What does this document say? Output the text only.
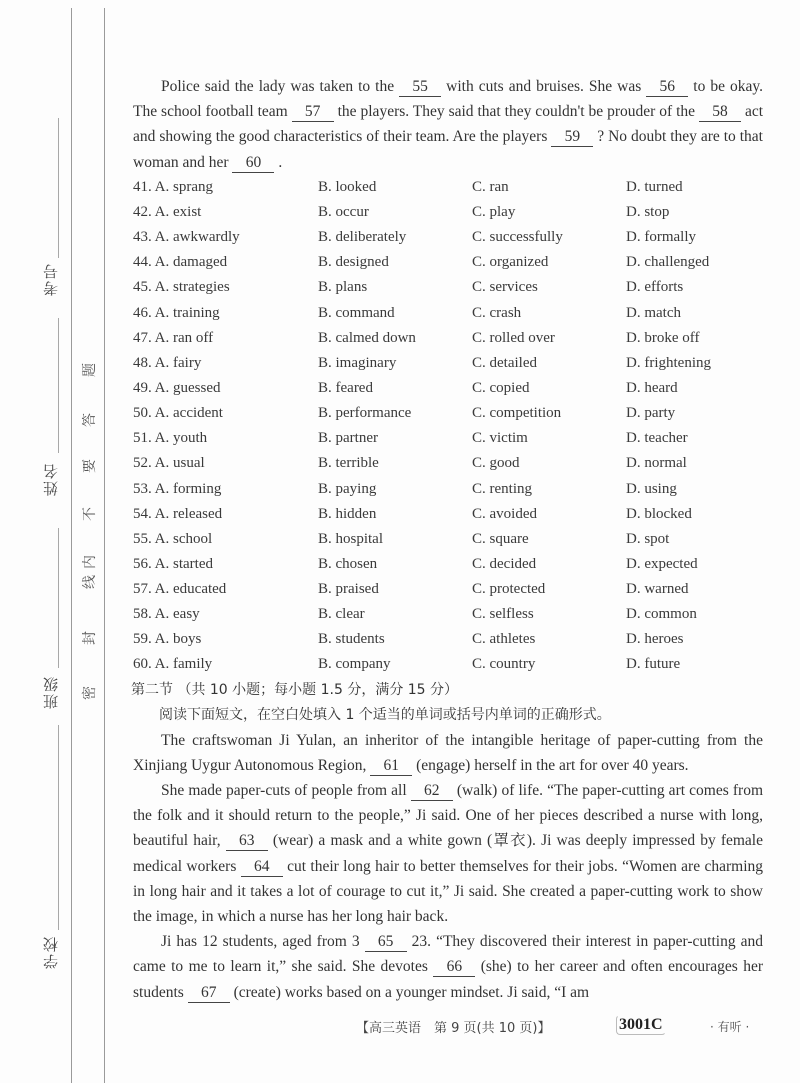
考号
姓名
班级
学校
密
封
线
内
不
要
答
题

Police said the lady was taken to the 55 with cuts and bruises. She was 56 to be okay. The school football team 57 the players. They said that they couldn't be prouder of the 58 act and showing the good characteristics of their team. Are the players 59 ? No doubt they are to that woman and her 60 .

41. A. sprang	B. looked	C. ran	D. turned
42. A. exist	B. occur	C. play	D. stop
43. A. awkwardly	B. deliberately	C. successfully	D. formally
44. A. damaged	B. designed	C. organized	D. challenged
45. A. strategies	B. plans	C. services	D. efforts
46. A. training	B. command	C. crash	D. match
47. A. ran off	B. calmed down	C. rolled over	D. broke off
48. A. fairy	B. imaginary	C. detailed	D. frightening
49. A. guessed	B. feared	C. copied	D. heard
50. A. accident	B. performance	C. competition	D. party
51. A. youth	B. partner	C. victim	D. teacher
52. A. usual	B. terrible	C. good	D. normal
53. A. forming	B. paying	C. renting	D. using
54. A. released	B. hidden	C. avoided	D. blocked
55. A. school	B. hospital	C. square	D. spot
56. A. started	B. chosen	C. decided	D. expected
57. A. educated	B. praised	C. protected	D. warned
58. A. easy	B. clear	C. selfless	D. common
59. A. boys	B. students	C. athletes	D. heroes
60. A. family	B. company	C. country	D. future
第二节 （共 10 小题；每小题 1.5 分，满分 15 分）
阅读下面短文，在空白处填入 1 个适当的单词或括号内单词的正确形式。

The craftswoman Ji Yulan, an inheritor of the intangible heritage of paper-cutting from the Xinjiang Uygur Autonomous Region, 61 (engage) herself in the art for over 40 years.

She made paper-cuts of people from all 62 (walk) of life. “The paper-cutting art comes from the folk and it should return to the people,” Ji said. One of her pieces described a nurse with long, beautiful hair, 63 (wear) a mask and a white gown (罩衣). Ji was deeply impressed by female medical workers 64 cut their long hair to better themselves for their jobs. “Women are charming in long hair and it takes a lot of courage to cut it,” Ji said. She created a paper-cutting work to show the image, in which a nurse has her long hair back.

Ji has 12 students, aged from 3 65 23. “They discovered their interest in paper-cutting and came to me to learn it,” she said. She devotes 66 (she) to her career and often encourages her students 67 (create) works based on a younger mindset. Ji said, “I am

【高三英语　第 9 页(共 10 页)】	3001C	· 有听 ·
